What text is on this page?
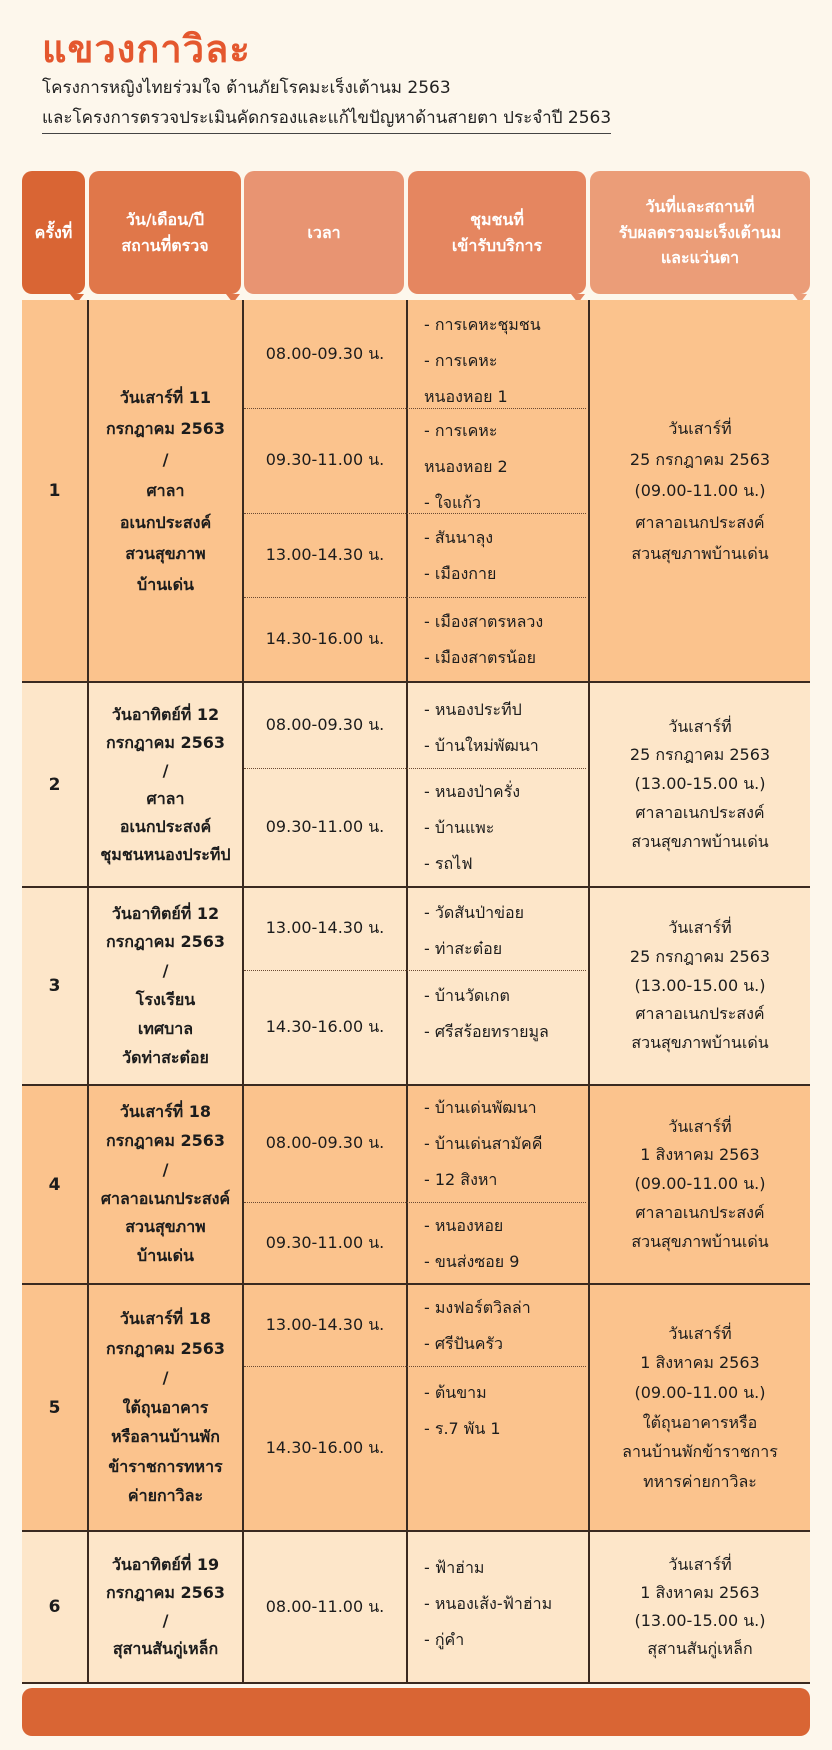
แขวงกาวิละ

โครงการหญิงไทยร่วมใจ ต้านภัยโรคมะเร็งเต้านม 2563

และโครงการตรวจประเมินคัดกรองและแก้ไขปัญหาด้านสายตา ประจำปี 2563

ครั้งที่
วัน/เดือน/ปี
สถานที่ตรวจ
เวลา
ชุมชนที่
เข้ารับบริการ
วันที่และสถานที่
รับผลตรวจมะเร็งเต้านม
และแว่นตา
1
วันเสาร์ที่ 11
กรกฎาคม 2563
/
ศาลา
อเนกประสงค์
สวนสุขภาพ
บ้านเด่น
08.00-09.30 น.
09.30-11.00 น.
13.00-14.30 น.
14.30-16.00 น.
- การเคหะชุมชน
- การเคหะ
หนองหอย 1
- การเคหะ
หนองหอย 2
- ใจแก้ว
- สันนาลุง
- เมืองกาย
- เมืองสาตรหลวง
- เมืองสาตรน้อย
วันเสาร์ที่
25 กรกฎาคม 2563
(09.00-11.00 น.)
ศาลาอเนกประสงค์
สวนสุขภาพบ้านเด่น
2
วันอาทิตย์ที่ 12
กรกฎาคม 2563
/
ศาลา
อเนกประสงค์
ชุมชนหนองประทีป
08.00-09.30 น.
09.30-11.00 น.
- หนองประทีป
- บ้านใหม่พัฒนา
- หนองป่าครั่ง
- บ้านแพะ
- รถไฟ
วันเสาร์ที่
25 กรกฎาคม 2563
(13.00-15.00 น.)
ศาลาอเนกประสงค์
สวนสุขภาพบ้านเด่น
3
วันอาทิตย์ที่ 12
กรกฎาคม 2563
/
โรงเรียน
เทศบาล
วัดท่าสะต๋อย
13.00-14.30 น.
14.30-16.00 น.
- วัดสันป่าข่อย
- ท่าสะต๋อย
- บ้านวัดเกต
- ศรีสร้อยทรายมูล
วันเสาร์ที่
25 กรกฎาคม 2563
(13.00-15.00 น.)
ศาลาอเนกประสงค์
สวนสุขภาพบ้านเด่น
4
วันเสาร์ที่ 18
กรกฎาคม 2563
/
ศาลาอเนกประสงค์
สวนสุขภาพ
บ้านเด่น
08.00-09.30 น.
09.30-11.00 น.
- บ้านเด่นพัฒนา
- บ้านเด่นสามัคคี
- 12 สิงหา
- หนองหอย
- ขนส่งซอย 9
วันเสาร์ที่
1 สิงหาคม 2563
(09.00-11.00 น.)
ศาลาอเนกประสงค์
สวนสุขภาพบ้านเด่น
5
วันเสาร์ที่ 18
กรกฎาคม 2563
/
ใต้ถุนอาคาร
หรือลานบ้านพัก
ข้าราชการทหาร
ค่ายกาวิละ
13.00-14.30 น.
14.30-16.00 น.
- มงฟอร์ตวิลล่า
- ศรีปันครัว
- ต้นขาม
- ร.7 พัน 1
วันเสาร์ที่
1 สิงหาคม 2563
(09.00-11.00 น.)
ใต้ถุนอาคารหรือ
ลานบ้านพักข้าราชการ
ทหารค่ายกาวิละ
6
วันอาทิตย์ที่ 19
กรกฎาคม 2563
/
สุสานสันกู่เหล็ก
08.00-11.00 น.
- ฟ้าฮ่าม
- หนองเส้ง-ฟ้าฮ่าม
- กู่คำ
วันเสาร์ที่
1 สิงหาคม 2563
(13.00-15.00 น.)
สุสานสันกู่เหล็ก
